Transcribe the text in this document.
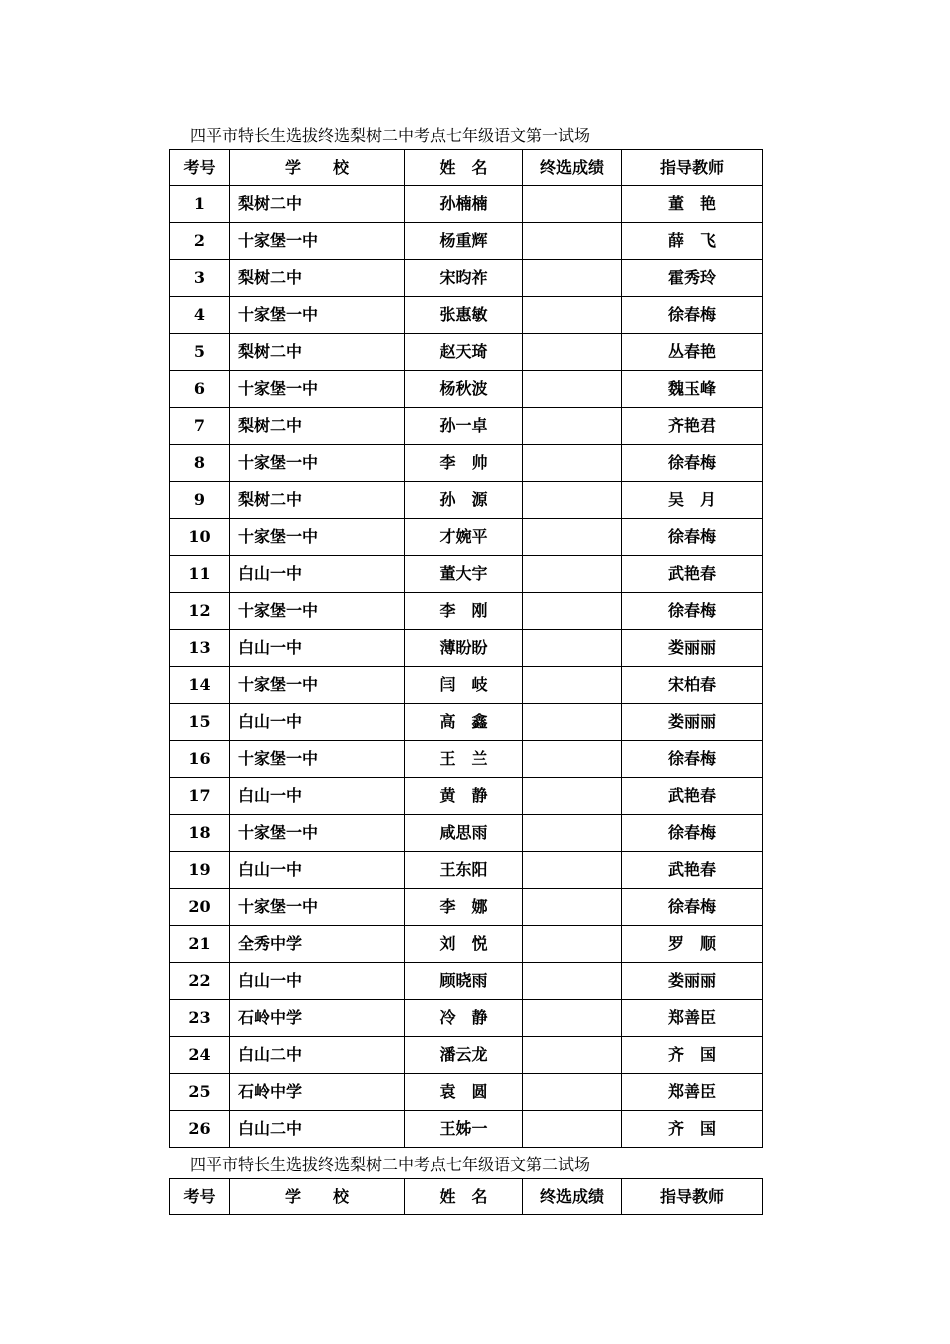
四平市特长生选拔终选梨树二中考点七年级语文第一试场
考号	学　　校	姓　名	终选成绩	指导教师
1	梨树二中	孙楠楠		董　艳
2	十家堡一中	杨重辉		薛　飞
3	梨树二中	宋昀祚		霍秀玲
4	十家堡一中	张惠敏		徐春梅
5	梨树二中	赵天琦		丛春艳
6	十家堡一中	杨秋波		魏玉峰
7	梨树二中	孙一卓		齐艳君
8	十家堡一中	李　帅		徐春梅
9	梨树二中	孙　源		吴　月
10	十家堡一中	才婉平		徐春梅
11	白山一中	董大宇		武艳春
12	十家堡一中	李　刚		徐春梅
13	白山一中	薄盼盼		娄丽丽
14	十家堡一中	闫　岐		宋柏春
15	白山一中	高　鑫		娄丽丽
16	十家堡一中	王　兰		徐春梅
17	白山一中	黄　静		武艳春
18	十家堡一中	咸思雨		徐春梅
19	白山一中	王东阳		武艳春
20	十家堡一中	李　娜		徐春梅
21	全秀中学	刘　悦		罗　顺
22	白山一中	顾晓雨		娄丽丽
23	石岭中学	冷　静		郑善臣
24	白山二中	潘云龙		齐　国
25	石岭中学	袁　圆		郑善臣
26	白山二中	王姊一		齐　国
四平市特长生选拔终选梨树二中考点七年级语文第二试场
考号	学　　校	姓　名	终选成绩	指导教师
